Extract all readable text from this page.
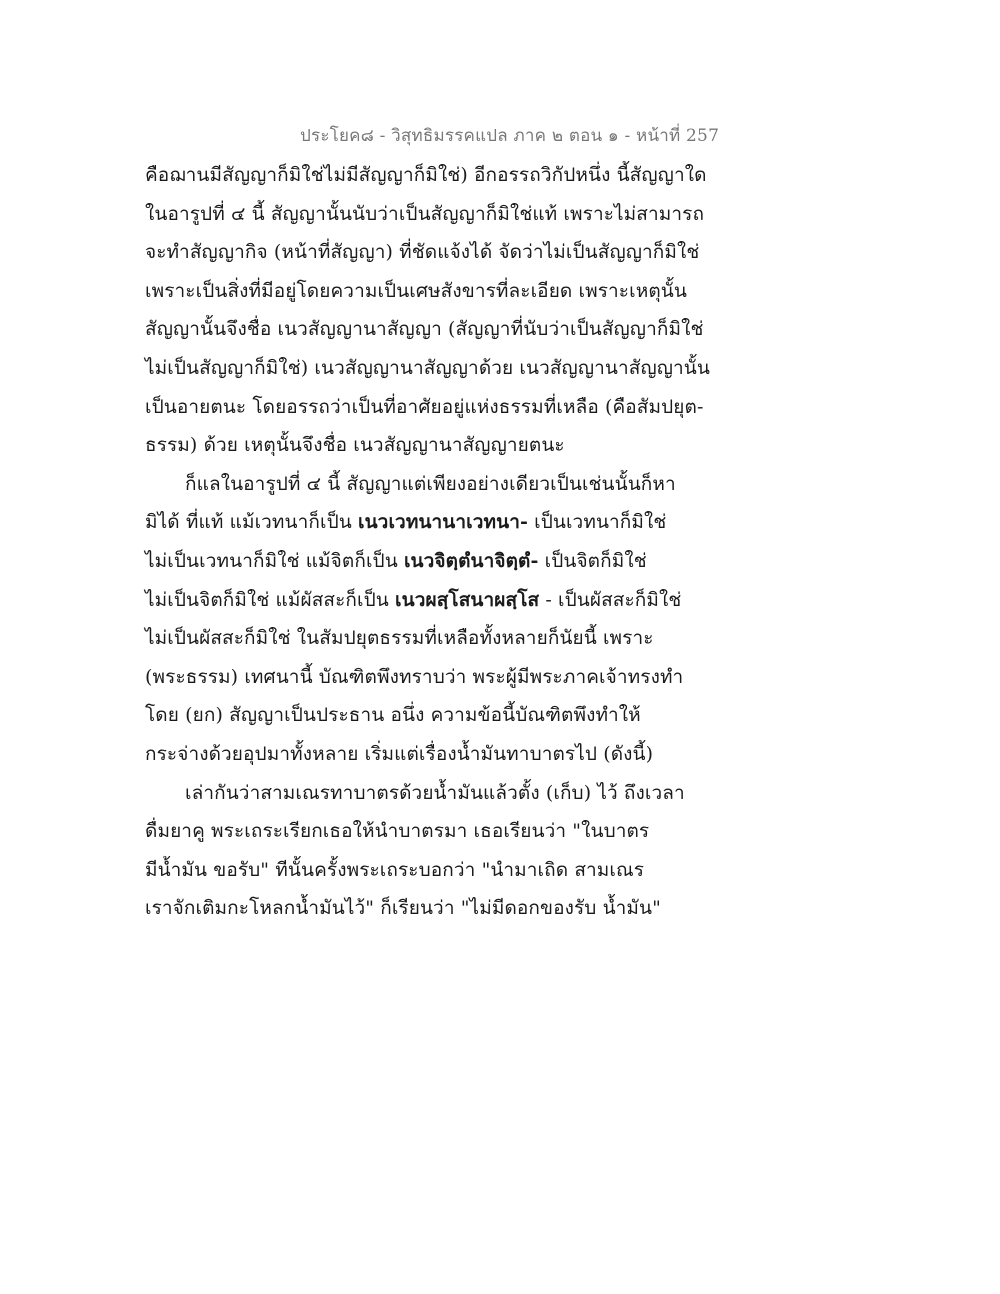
ประโยค๘ - วิสุทธิมรรคแปล ภาค ๒ ตอน ๑ - หน้าที่ 257
คือฌานมีสัญญาก็มิใช่ไม่มีสัญญาก็มิใช่) อีกอรรถวิกัปหนึ่ง นี้สัญญาใด
ในอารูปที่ ๔ นี้ สัญญานั้นนับว่าเป็นสัญญาก็มิใช่แท้ เพราะไม่สามารถ
จะทำสัญญากิจ (หน้าที่สัญญา) ที่ชัดแจ้งได้ จัดว่าไม่เป็นสัญญาก็มิใช่
เพราะเป็นสิ่งที่มีอยู่โดยความเป็นเศษสังขารที่ละเอียด เพราะเหตุนั้น
สัญญานั้นจึงชื่อ เนวสัญญานาสัญญา (สัญญาที่นับว่าเป็นสัญญาก็มิใช่
ไม่เป็นสัญญาก็มิใช่) เนวสัญญานาสัญญาด้วย เนวสัญญานาสัญญานั้น
เป็นอายตนะ โดยอรรถว่าเป็นที่อาศัยอยู่แห่งธรรมที่เหลือ (คือสัมปยุต-
ธรรม) ด้วย เหตุนั้นจึงชื่อ เนวสัญญานาสัญญายตนะ
ก็แลในอารูปที่ ๔ นี้ สัญญาแต่เพียงอย่างเดียวเป็นเช่นนั้นก็หา
มิได้ ที่แท้ แม้เวทนาก็เป็น เนวเวทนานาเวทนา- เป็นเวทนาก็มิใช่
ไม่เป็นเวทนาก็มิใช่ แม้จิตก็เป็น เนวจิตฺตํนาจิตฺตํ- เป็นจิตก็มิใช่
ไม่เป็นจิตก็มิใช่ แม้ผัสสะก็เป็น เนวผสฺโสนาผสฺโส - เป็นผัสสะก็มิใช่
ไม่เป็นผัสสะก็มิใช่ ในสัมปยุตธรรมที่เหลือทั้งหลายก็นัยนี้ เพราะ
(พระธรรม) เทศนานี้ บัณฑิตพึงทราบว่า พระผู้มีพระภาคเจ้าทรงทำ
โดย (ยก) สัญญาเป็นประธาน อนึ่ง ความข้อนี้บัณฑิตพึงทำให้
กระจ่างด้วยอุปมาทั้งหลาย เริ่มแต่เรื่องน้ำมันทาบาตรไป (ดังนี้)
เล่ากันว่าสามเณรทาบาตรด้วยน้ำมันแล้วตั้ง (เก็บ) ไว้ ถึงเวลา
ดื่มยาคู พระเถระเรียกเธอให้นำบาตรมา เธอเรียนว่า "ในบาตร
มีน้ำมัน ขอรับ" ทีนั้นครั้งพระเถระบอกว่า "นำมาเถิด สามเณร
เราจักเติมกะโหลกน้ำมันไว้" ก็เรียนว่า "ไม่มีดอกของรับ น้ำมัน"
